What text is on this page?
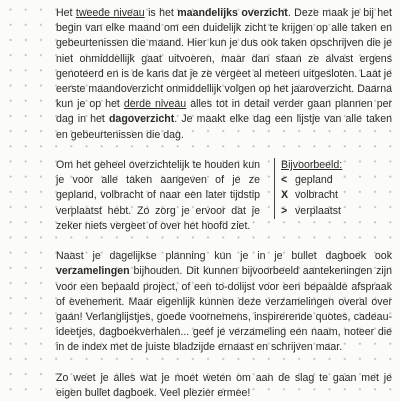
Het tweede niveau is het maandelijks overzicht. Deze maak je bij het begin van elke maand om een duidelijk zicht te krijgen op alle taken en gebeurtenissen die maand. Hier kun je dus ook taken opschrijven die je niet onmiddellijk gaat uitvoeren, maar dan staan ze alvast ergens genoteerd en is de kans dat je ze vergeet al meteen uitgesloten. Laat je eerste maandoverzicht onmiddellijk volgen op het jaaroverzicht. Daarna kun je op het derde niveau alles tot in detail verder gaan plannen per dag in het dagoverzicht. Je maakt elke dag een lijstje van alle taken en gebeurtenissen die dag.

Om het geheel overzichtelijk te houden kun je voor alle taken aangeven of je ze gepland, volbracht of naar een later tijdstip verplaatst hebt. Zo zorg je ervoor dat je zeker niets vergeet of over het hoofd ziet.

Bijvoorbeeld:
< gepland
X volbracht
> verplaatst

Naast je dagelijkse planning kun je in je bullet dagboek ook verzamelingen bijhouden. Dit kunnen bijvoorbeeld aantekeningen zijn voor een bepaald project, of een to-dolijst voor een bepaalde afspraak of evenement. Maar eigenlijk kunnen deze verzamelingen overal over gaan! Verlanglijstjes, goede voornemens, inspirerende quotes, cadeau-ideetjes, dagboekverhalen... geef je verzameling een naam, noteer die in de index met de juiste bladzijde ernaast en schrijven maar.

Zo weet je alles wat je moet weten om aan de slag te gaan met je eigen bullet dagboek. Veel plezier ermee!
